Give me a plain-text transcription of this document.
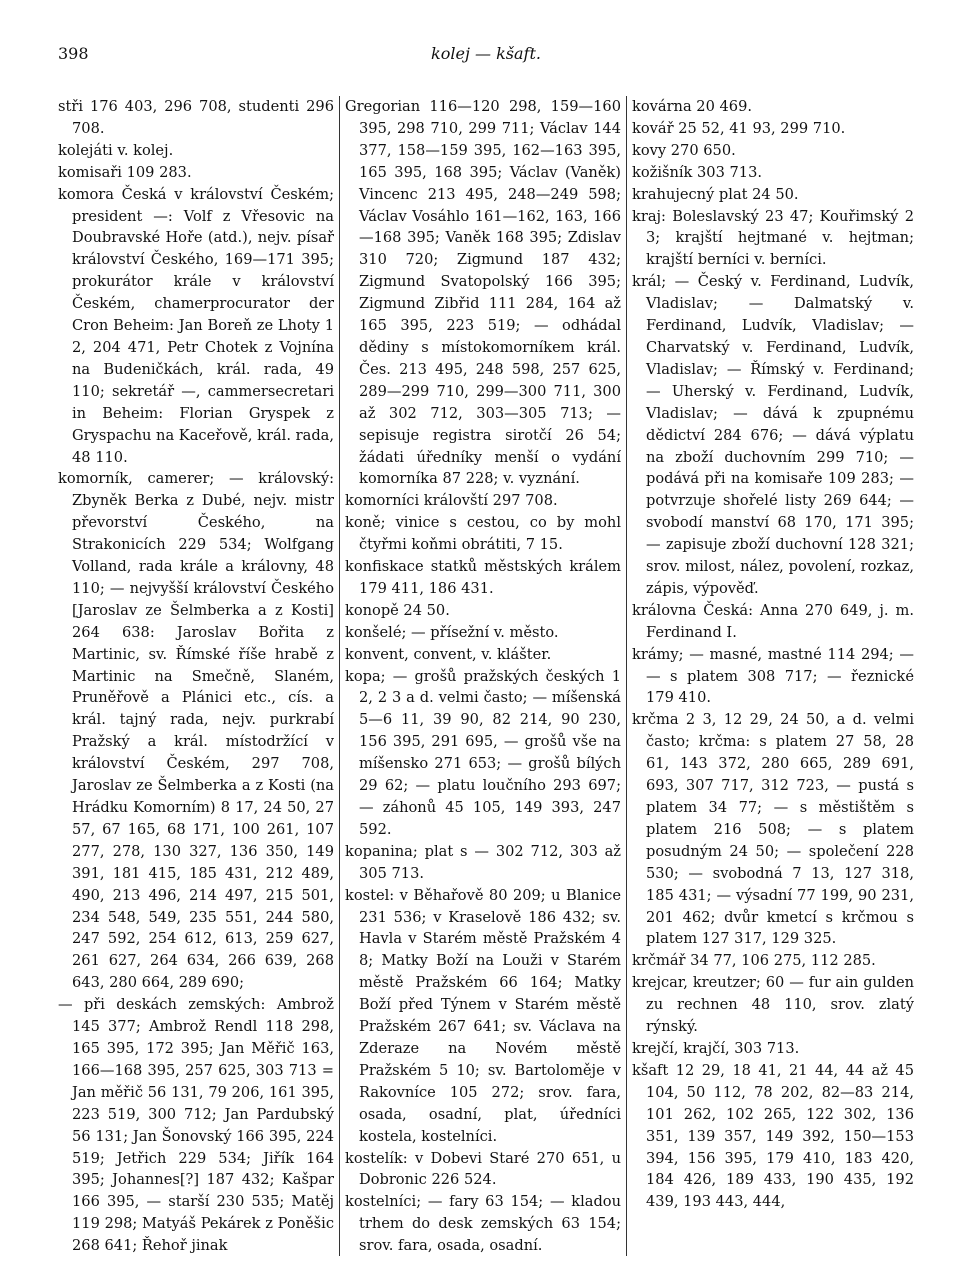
398	kolej — kšaft.

stři 176 403, 296 708, studenti 296 708.

kolejáti v. kolej.

komisaři 109 283.

komora Česká v království Českém; president —: Volf z Vřesovic na Doubravské Hoře (atd.), nejv. písař království Českého, 169—171 395; prokurátor krále v království Českém, chamerprocurator der Cron Beheim: Jan Boreň ze Lhoty 1 2, 204 471, Petr Chotek z Vojnína na Budeničkách, král. rada, 49 110; sekretář —, cammersecretari in Beheim: Florian Gryspek z Gryspachu na Kaceřově, král. rada, 48 110.

komorník, camerer; — královský: Zbyněk Berka z Dubé, nejv. mistr převorství Českého, na Strakonicích 229 534; Wolfgang Volland, rada krále a královny, 48 110; — nejvyšší království Českého [Jaroslav ze Šelmberka a z Kosti] 264 638: Jaroslav Bořita z Martinic, sv. Římské říše hrabě z Martinic na Smečně, Slaném, Pruněřově a Plánici etc., cís. a král. tajný rada, nejv. purkrabí Pražský a král. místodržící v království Českém, 297 708, Jaroslav ze Šelmberka a z Kosti (na Hrádku Komorním) 8 17, 24 50, 27 57, 67 165, 68 171, 100 261, 107 277, 278, 130 327, 136 350, 149 391, 181 415, 185 431, 212 489, 490, 213 496, 214 497, 215 501, 234 548, 549, 235 551, 244 580, 247 592, 254 612, 613, 259 627, 261 627, 264 634, 266 639, 268 643, 280 664, 289 690;

— při deskách zemských: Ambrož 145 377; Ambrož Rendl 118 298, 165 395, 172 395; Jan Měřič 163, 166—168 395, 257 625, 303 713 = Jan měřič 56 131, 79 206, 161 395, 223 519, 300 712; Jan Pardubský 56 131; Jan Šonovský 166 395, 224 519; Jetřich 229 534; Jiřík 164 395; Johannes[?] 187 432; Kašpar 166 395, — starší 230 535; Matěj 119 298; Matyáš Pekárek z Poněšic 268 641; Řehoř jinak

Gregorian 116—120 298, 159—160 395, 298 710, 299 711; Václav 144 377, 158—159 395, 162—163 395, 165 395, 168 395; Václav (Vaněk) Vincenc 213 495, 248—249 598; Václav Vosáhlo 161—162, 163, 166—168 395; Vaněk 168 395; Zdislav 310 720; Zigmund 187 432; Zigmund Svatopolský 166 395; Zigmund Zibřid 111 284, 164 až 165 395, 223 519; — odhádal dědiny s místokomorníkem král. Čes. 213 495, 248 598, 257 625, 289—299 710, 299—300 711, 300 až 302 712, 303—305 713; — sepisuje registra sirotčí 26 54; žádati úředníky menší o vydání komorníka 87 228; v. vyznání.

komorníci královští 297 708.

koně; vinice s cestou, co by mohl čtyřmi koňmi obrátiti, 7 15.

konfiskace statků městských králem 179 411, 186 431.

konopě 24 50.

konšelé; — přísežní v. město.

konvent, convent, v. klášter.

kopa; — grošů pražských českých 1 2, 2 3 a d. velmi často; — míšenská 5—6 11, 39 90, 82 214, 90 230, 156 395, 291 695, — grošů vše na míšensko 271 653; — grošů bílých 29 62; — platu loučního 293 697; — záhonů 45 105, 149 393, 247 592.

kopanina; plat s — 302 712, 303 až 305 713.

kostel: v Běhařově 80 209; u Blanice 231 536; v Kraselově 186 432; sv. Havla v Starém městě Pražském 4 8; Matky Boží na Louži v Starém městě Pražském 66 164; Matky Boží před Týnem v Starém městě Pražském 267 641; sv. Václava na Zderaze na Novém městě Pražském 5 10; sv. Bartoloměje v Rakovníce 105 272; srov. fara, osada, osadní, plat, úředníci kostela, kostelníci.

kostelík: v Dobevi Staré 270 651, u Dobronic 226 524.

kostelníci; — fary 63 154; — kladou trhem do desk zemských 63 154; srov. fara, osada, osadní.

kovárna 20 469.

kovář 25 52, 41 93, 299 710.

kovy 270 650.

kožišník 303 713.

krahujecný plat 24 50.

kraj: Boleslavský 23 47; Kouřimský 2 3; krajští hejtmané v. hejtman; krajští berníci v. berníci.

král; — Český v. Ferdinand, Ludvík, Vladislav; — Dalmatský v. Ferdinand, Ludvík, Vladislav; — Charvatský v. Ferdinand, Ludvík, Vladislav; — Římský v. Ferdinand; — Uherský v. Ferdinand, Ludvík, Vladislav; — dává k zpupnému dědictví 284 676; — dává výplatu na zboží duchovním 299 710; — podává při na komisaře 109 283; — potvrzuje shořelé listy 269 644; — svobodí manství 68 170, 171 395; — zapisuje zboží duchovní 128 321; srov. milost, nález, povolení, rozkaz, zápis, výpověď.

královna Česká: Anna 270 649, j. m. Ferdinand I.

krámy; — masné, mastné 114 294; — — s platem 308 717; — řeznické 179 410.

krčma 2 3, 12 29, 24 50, a d. velmi často; krčma: s platem 27 58, 28 61, 143 372, 280 665, 289 691, 693, 307 717, 312 723, — pustá s platem 34 77; — s městištěm s platem 216 508; — s platem posudným 24 50; — společení 228 530; — svobodná 7 13, 127 318, 185 431; — výsadní 77 199, 90 231, 201 462; dvůr kmetcí s krčmou s platem 127 317, 129 325.

krčmář 34 77, 106 275, 112 285.

krejcar, kreutzer; 60 — fur ain gulden zu rechnen 48 110, srov. zlatý rýnský.

krejčí, krajčí, 303 713.

kšaft 12 29, 18 41, 21 44, 44 až 45 104, 50 112, 78 202, 82—83 214, 101 262, 102 265, 122 302, 136 351, 139 357, 149 392, 150—153 394, 156 395, 179 410, 183 420, 184 426, 189 433, 190 435, 192 439, 193 443, 444,
